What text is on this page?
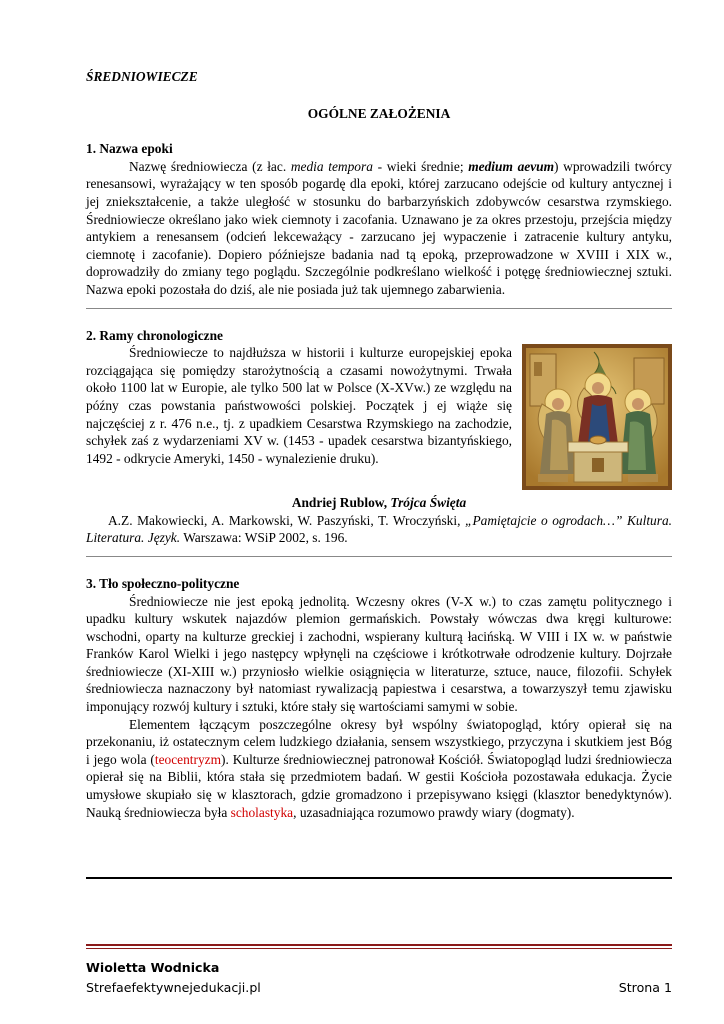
ŚREDNIOWIECZE
OGÓLNE ZAŁOŻENIA
1. Nazwa epoki

Nazwę średniowiecza (z łac. media tempora - wieki średnie; medium aevum) wprowadzili twórcy renesansowi, wyrażający w ten sposób pogardę dla epoki, której zarzucano odejście od kultury antycznej i jej zniekształcenie, a także uległość w stosunku do barbarzyńskich zdobywców cesarstwa rzymskiego. Średniowiecze określano jako wiek ciemnoty i zacofania. Uznawano je za okres przestoju, przejścia między antykiem a renesansem (odcień lekceważący - zarzucano jej wypaczenie i zatracenie kultury antyku, ciemnotę i zacofanie). Dopiero późniejsze badania nad tą epoką, przeprowadzone w XVIII i XIX w., doprowadziły do zmiany tego poglądu. Szczególnie podkreślano wielkość i potęgę średniowiecznej sztuki. Nazwa epoki pozostała do dziś, ale nie posiada już tak ujemnego zabarwienia.

2. Ramy chronologiczne

Średniowiecze to najdłuższa w historii i kulturze europejskiej epoka rozciągająca się pomiędzy starożytnością a czasami nowożytnymi. Trwała około 1100 lat w Europie, ale tylko 500 lat w Polsce (X-XVw.) ze względu na późny czas powstania państwowości polskiej. Początek j ej wiąże się najczęściej z r. 476 n.e., tj. z upadkiem Cesarstwa Rzymskiego na zachodzie, schyłek zaś z wydarzeniami XV w. (1453 - upadek cesarstwa bizantyńskiego, 1492 - odkrycie Ameryki, 1450 - wynalezienie druku).

Andriej Rublow, Trójca Święta

A.Z. Makowiecki, A. Markowski, W. Paszyński, T. Wroczyński, „Pamiętajcie o ogrodach…” Kultura. Literatura. Język. Warszawa: WSiP 2002, s. 196.

3. Tło społeczno-polityczne

Średniowiecze nie jest epoką jednolitą. Wczesny okres (V-X w.) to czas zamętu politycznego i upadku kultury wskutek najazdów plemion germańskich. Powstały wówczas dwa kręgi kulturowe: wschodni, oparty na kulturze greckiej i zachodni, wspierany kulturą łacińską. W VIII i IX w. w państwie Franków Karol Wielki i jego następcy wpłynęli na częściowe i krótkotrwałe odrodzenie kultury. Dojrzałe średniowiecze (XI-XIII w.) przyniosło wielkie osiągnięcia w literaturze, sztuce, nauce, filozofii. Schyłek średniowiecza naznaczony był natomiast rywalizacją papiestwa i cesarstwa, a towarzyszył temu zjawisku imponujący rozwój kultury i sztuki, które stały się wartościami samymi w sobie.

Elementem łączącym poszczególne okresy był wspólny światopogląd, który opierał się na przekonaniu, iż ostatecznym celem ludzkiego działania, sensem wszystkiego, przyczyna i skutkiem jest Bóg i jego wola (teocentryzm). Kulturze średniowiecznej patronował Kościół. Światopogląd ludzi średniowiecza opierał się na Biblii, która stała się przedmiotem badań. W gestii Kościoła pozostawała edukacja. Życie umysłowe skupiało się w klasztorach, gdzie gromadzono i przepisywano księgi (klasztor benedyktynów). Nauką średniowiecza była scholastyka, uzasadniająca rozumowo prawdy wiary (dogmaty).

Wioletta Wodnicka
Strefaefektywnejedukacji.pl	Strona 1
